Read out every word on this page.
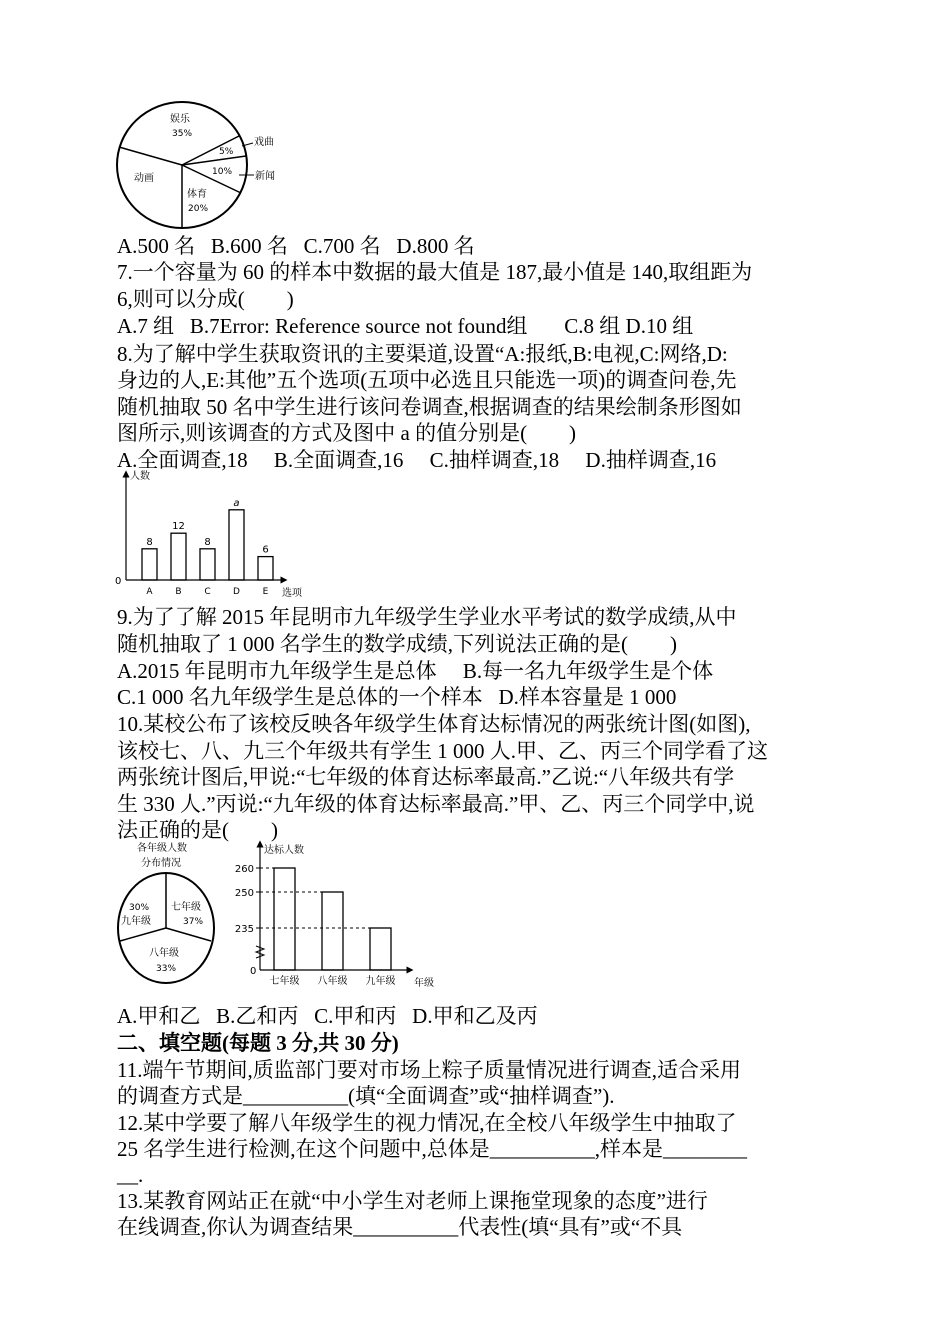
娱乐
35%
戏曲
5%
新闻
10%
体育
20%
动画
人数
选项
0
8
A
12
B
8
C
a
D
6
E
各年级人数
分布情况
30%
九年级
七年级
37%
八年级
33%
达标人数
年级
0
260
250
235
七年级 八年级 九年级
A.500 名   B.600 名   C.700 名   D.800 名
7.一个容量为 60 的样本中数据的最大值是 187,最小值是 140,取组距为
6,则可以分成(        )
A.7 组   B.7Error: Reference source not found组       C.8 组 D.10 组
8.为了解中学生获取资讯的主要渠道,设置“A:报纸,B:电视,C:网络,D:
身边的人,E:其他”五个选项(五项中必选且只能选一项)的调查问卷,先
随机抽取 50 名中学生进行该问卷调查,根据调查的结果绘制条形图如
图所示,则该调查的方式及图中 a 的值分别是(        )
A.全面调查,18     B.全面调查,16     C.抽样调查,18     D.抽样调查,16
9.为了了解 2015 年昆明市九年级学生学业水平考试的数学成绩,从中
随机抽取了 1 000 名学生的数学成绩,下列说法正确的是(        )
A.2015 年昆明市九年级学生是总体     B.每一名九年级学生是个体
C.1 000 名九年级学生是总体的一个样本   D.样本容量是 1 000
10.某校公布了该校反映各年级学生体育达标情况的两张统计图(如图),
该校七、八、九三个年级共有学生 1 000 人.甲、乙、丙三个同学看了这
两张统计图后,甲说:“七年级的体育达标率最高.”乙说:“八年级共有学
生 330 人.”丙说:“九年级的体育达标率最高.”甲、乙、丙三个同学中,说
法正确的是(        )
A.甲和乙   B.乙和丙   C.甲和丙   D.甲和乙及丙
二、填空题(每题 3 分,共 30 分)
11.端午节期间,质监部门要对市场上粽子质量情况进行调查,适合采用
的调查方式是__________(填“全面调查”或“抽样调查”).
12.某中学要了解八年级学生的视力情况,在全校八年级学生中抽取了
25 名学生进行检测,在这个问题中,总体是__________,样本是________
__.
13.某教育网站正在就“中小学生对老师上课拖堂现象的态度”进行
在线调查,你认为调查结果__________代表性(填“具有”或“不具
